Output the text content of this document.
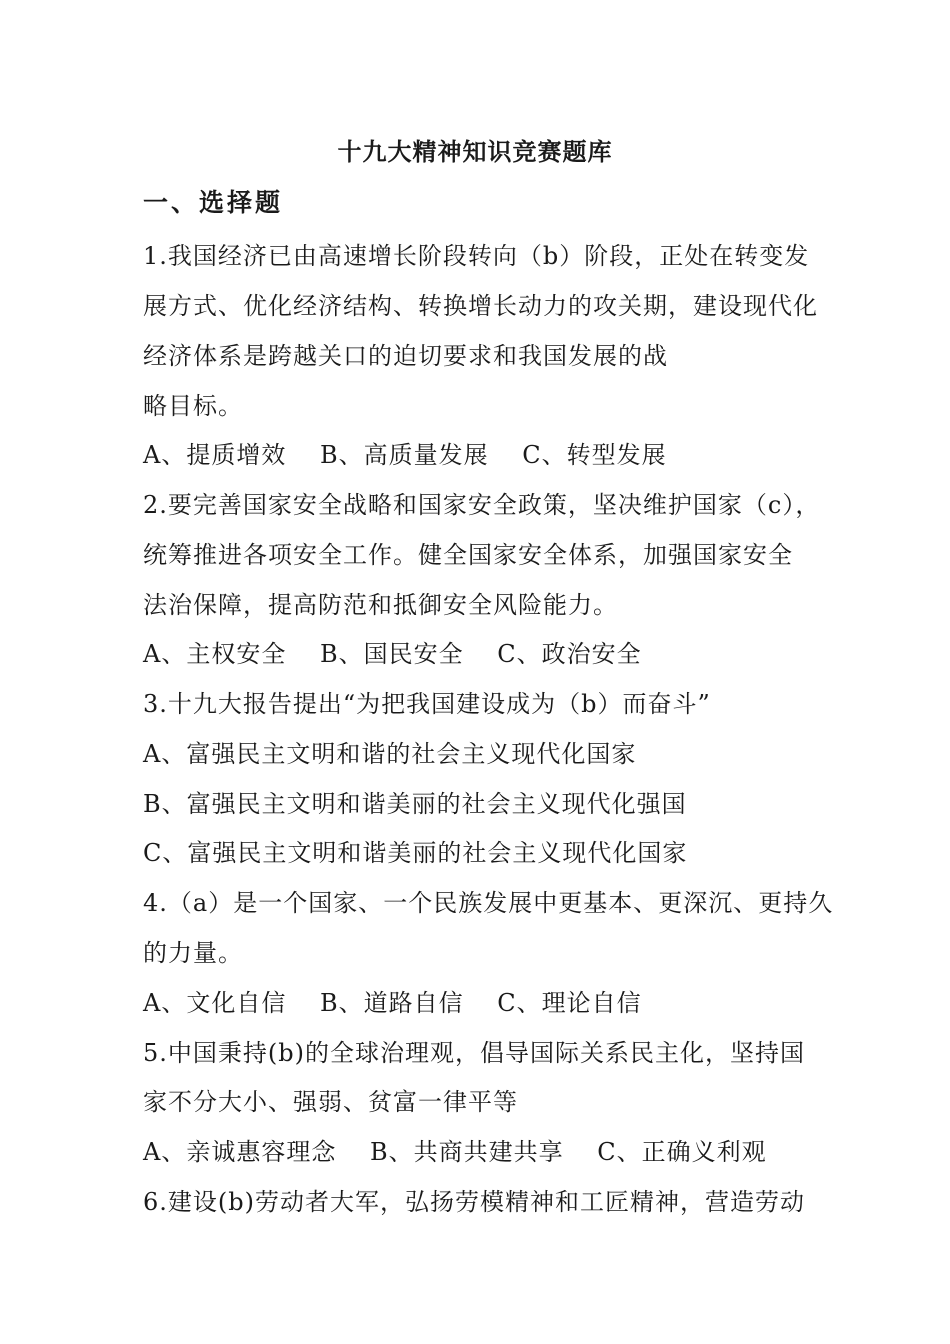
十九大精神知识竞赛题库
一、选择题
1.我国经济已由高速增长阶段转向（b）阶段，正处在转变发
展方式、优化经济结构、转换增长动力的攻关期，建设现代化
经济体系是跨越关口的迫切要求和我国发展的战
略目标。
A、提质增效　 B、高质量发展 　C、转型发展
2.要完善国家安全战略和国家安全政策，坚决维护国家（c），
统筹推进各项安全工作。健全国家安全体系，加强国家安全
法治保障，提高防范和抵御安全风险能力。
A、主权安全　 B、国民安全 　C、政治安全
3.十九大报告提出“为把我国建设成为（b）而奋斗”
A、富强民主文明和谐的社会主义现代化国家
B、富强民主文明和谐美丽的社会主义现代化强国
C、富强民主文明和谐美丽的社会主义现代化国家
4.（a）是一个国家、一个民族发展中更基本、更深沉、更持久
的力量。
A、文化自信　 B、道路自信 　C、理论自信
5.中国秉持(b)的全球治理观，倡导国际关系民主化，坚持国
家不分大小、强弱、贫富一律平等
A、亲诚惠容理念　 B、共商共建共享 　C、正确义利观
6.建设(b)劳动者大军，弘扬劳模精神和工匠精神，营造劳动
